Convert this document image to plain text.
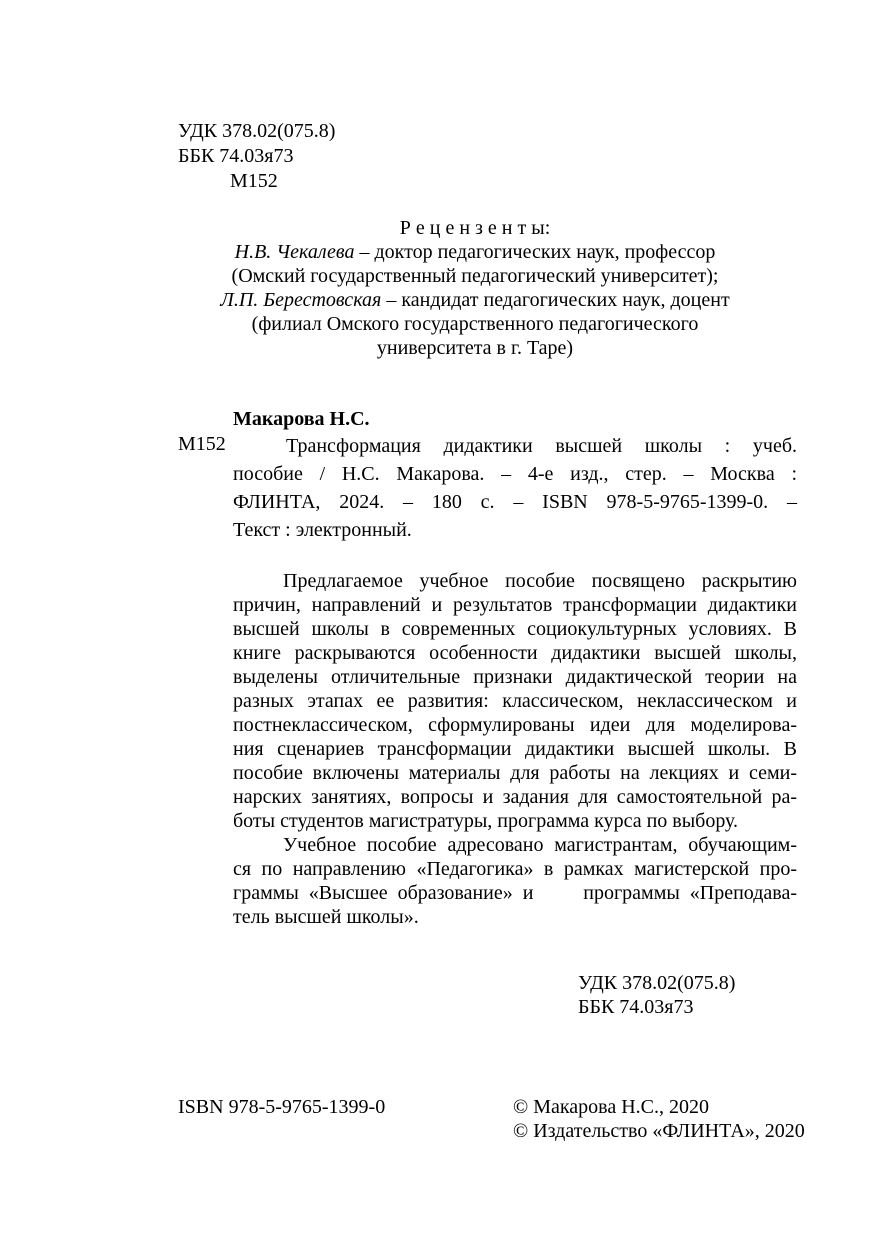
УДК 378.02(075.8)
ББК 74.03я73
М152
Р е ц е н з е н т ы:
Н.В. Чекалева – доктор педагогических наук, профессор
(Омский государственный педагогический университет);
Л.П. Берестовская – кандидат педагогических наук, доцент
(филиал Омского государственного педагогического
университета в г. Таре)
Макарова Н.С.
М152	Трансформация дидактики высшей школы : учеб.
пособие / Н.С. Макарова. – 4-е изд., стер. – Москва :
ФЛИНТА, 2024. – 180 с. – ISBN 978-5-9765-1399-0. –
Текст : электронный.
Предлагаемое учебное пособие посвящено раскрытию
причин, направлений и результатов трансформации дидактики
высшей школы в современных социокультурных условиях. В
книге раскрываются особенности дидактики высшей школы,
выделены отличительные признаки дидактической теории на
разных этапах ее развития: классическом, неклассическом и
постнеклассическом, сформулированы идеи для моделирова-
ния сценариев трансформации дидактики высшей школы. В
пособие включены материалы для работы на лекциях и семи-
нарских занятиях, вопросы и задания для самостоятельной ра-
боты студентов магистратуры, программа курса по выбору.
Учебное пособие адресовано магистрантам, обучающим-
ся по направлению «Педагогика» в рамках магистерской про-
граммы «Высшее образование» и     программы «Преподава-
тель высшей школы».
УДК 378.02(075.8)
ББК 74.03я73
ISBN 978-5-9765-1399-0	© Макарова Н.С., 2020
© Издательство «ФЛИНТА», 2020
